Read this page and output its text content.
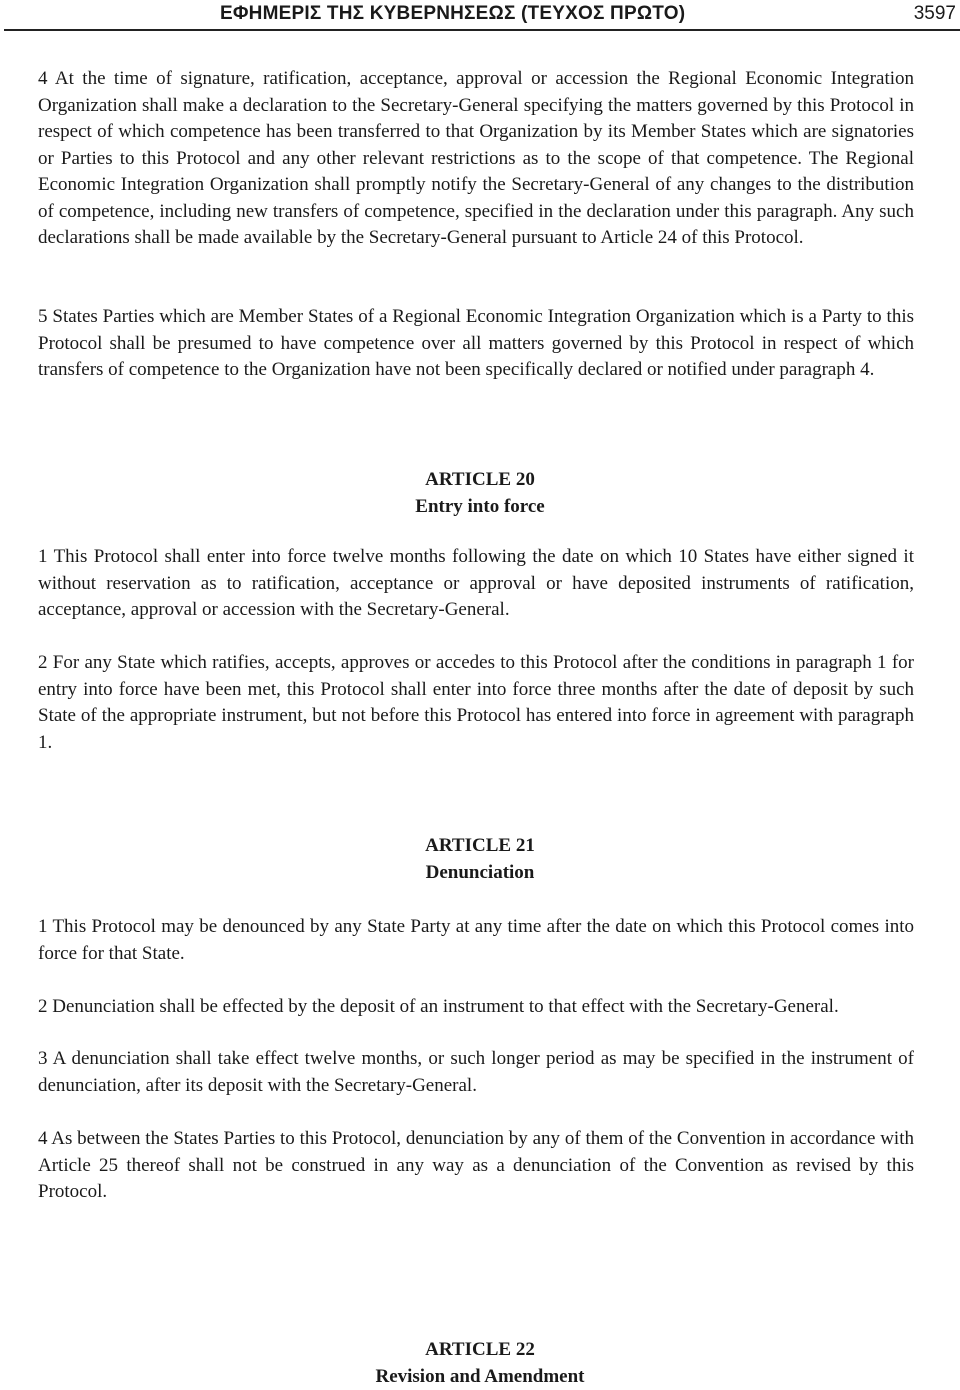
ΕΦΗΜΕΡΙΣ ΤΗΣ ΚΥΒΕΡΝΗΣΕΩΣ (ΤΕΥΧΟΣ ΠΡΩΤΟ)	3597

4 At the time of signature, ratification, acceptance, approval or accession the Regional Economic Integration Organization shall make a declaration to the Secretary-General specifying the matters governed by this Protocol in respect of which competence has been transferred to that Organization by its Member States which are signatories or Parties to this Protocol and any other relevant restrictions as to the scope of that competence. The Regional Economic Integration Organization shall promptly notify the Secretary-General of any changes to the distribution of competence, including new transfers of competence, specified in the declaration under this paragraph. Any such declarations shall be made available by the Secretary-General pursuant to Article 24 of this Protocol.

5 States Parties which are Member States of a Regional Economic Integration Organization which is a Party to this Protocol shall be presumed to have competence over all matters governed by this Protocol in respect of which transfers of competence to the Organization have not been specifically declared or notified under paragraph 4.

ARTICLE 20
Entry into force

1 This Protocol shall enter into force twelve months following the date on which 10 States have either signed it without reservation as to ratification, acceptance or approval or have deposited instruments of ratification, acceptance, approval or accession with the Secretary-General.

2 For any State which ratifies, accepts, approves or accedes to this Protocol after the conditions in paragraph 1 for entry into force have been met, this Protocol shall enter into force three months after the date of deposit by such State of the appropriate instrument, but not before this Protocol has entered into force in agreement with paragraph 1.

ARTICLE 21
Denunciation

1 This Protocol may be denounced by any State Party at any time after the date on which this Protocol comes into force for that State.

2 Denunciation shall be effected by the deposit of an instrument to that effect with the Secretary-General.

3 A denunciation shall take effect twelve months, or such longer period as may be specified in the instrument of denunciation, after its deposit with the Secretary-General.

4 As between the States Parties to this Protocol, denunciation by any of them of the Convention in accordance with Article 25 thereof shall not be construed in any way as a denunciation of the Convention as revised by this Protocol.

ARTICLE 22
Revision and Amendment
